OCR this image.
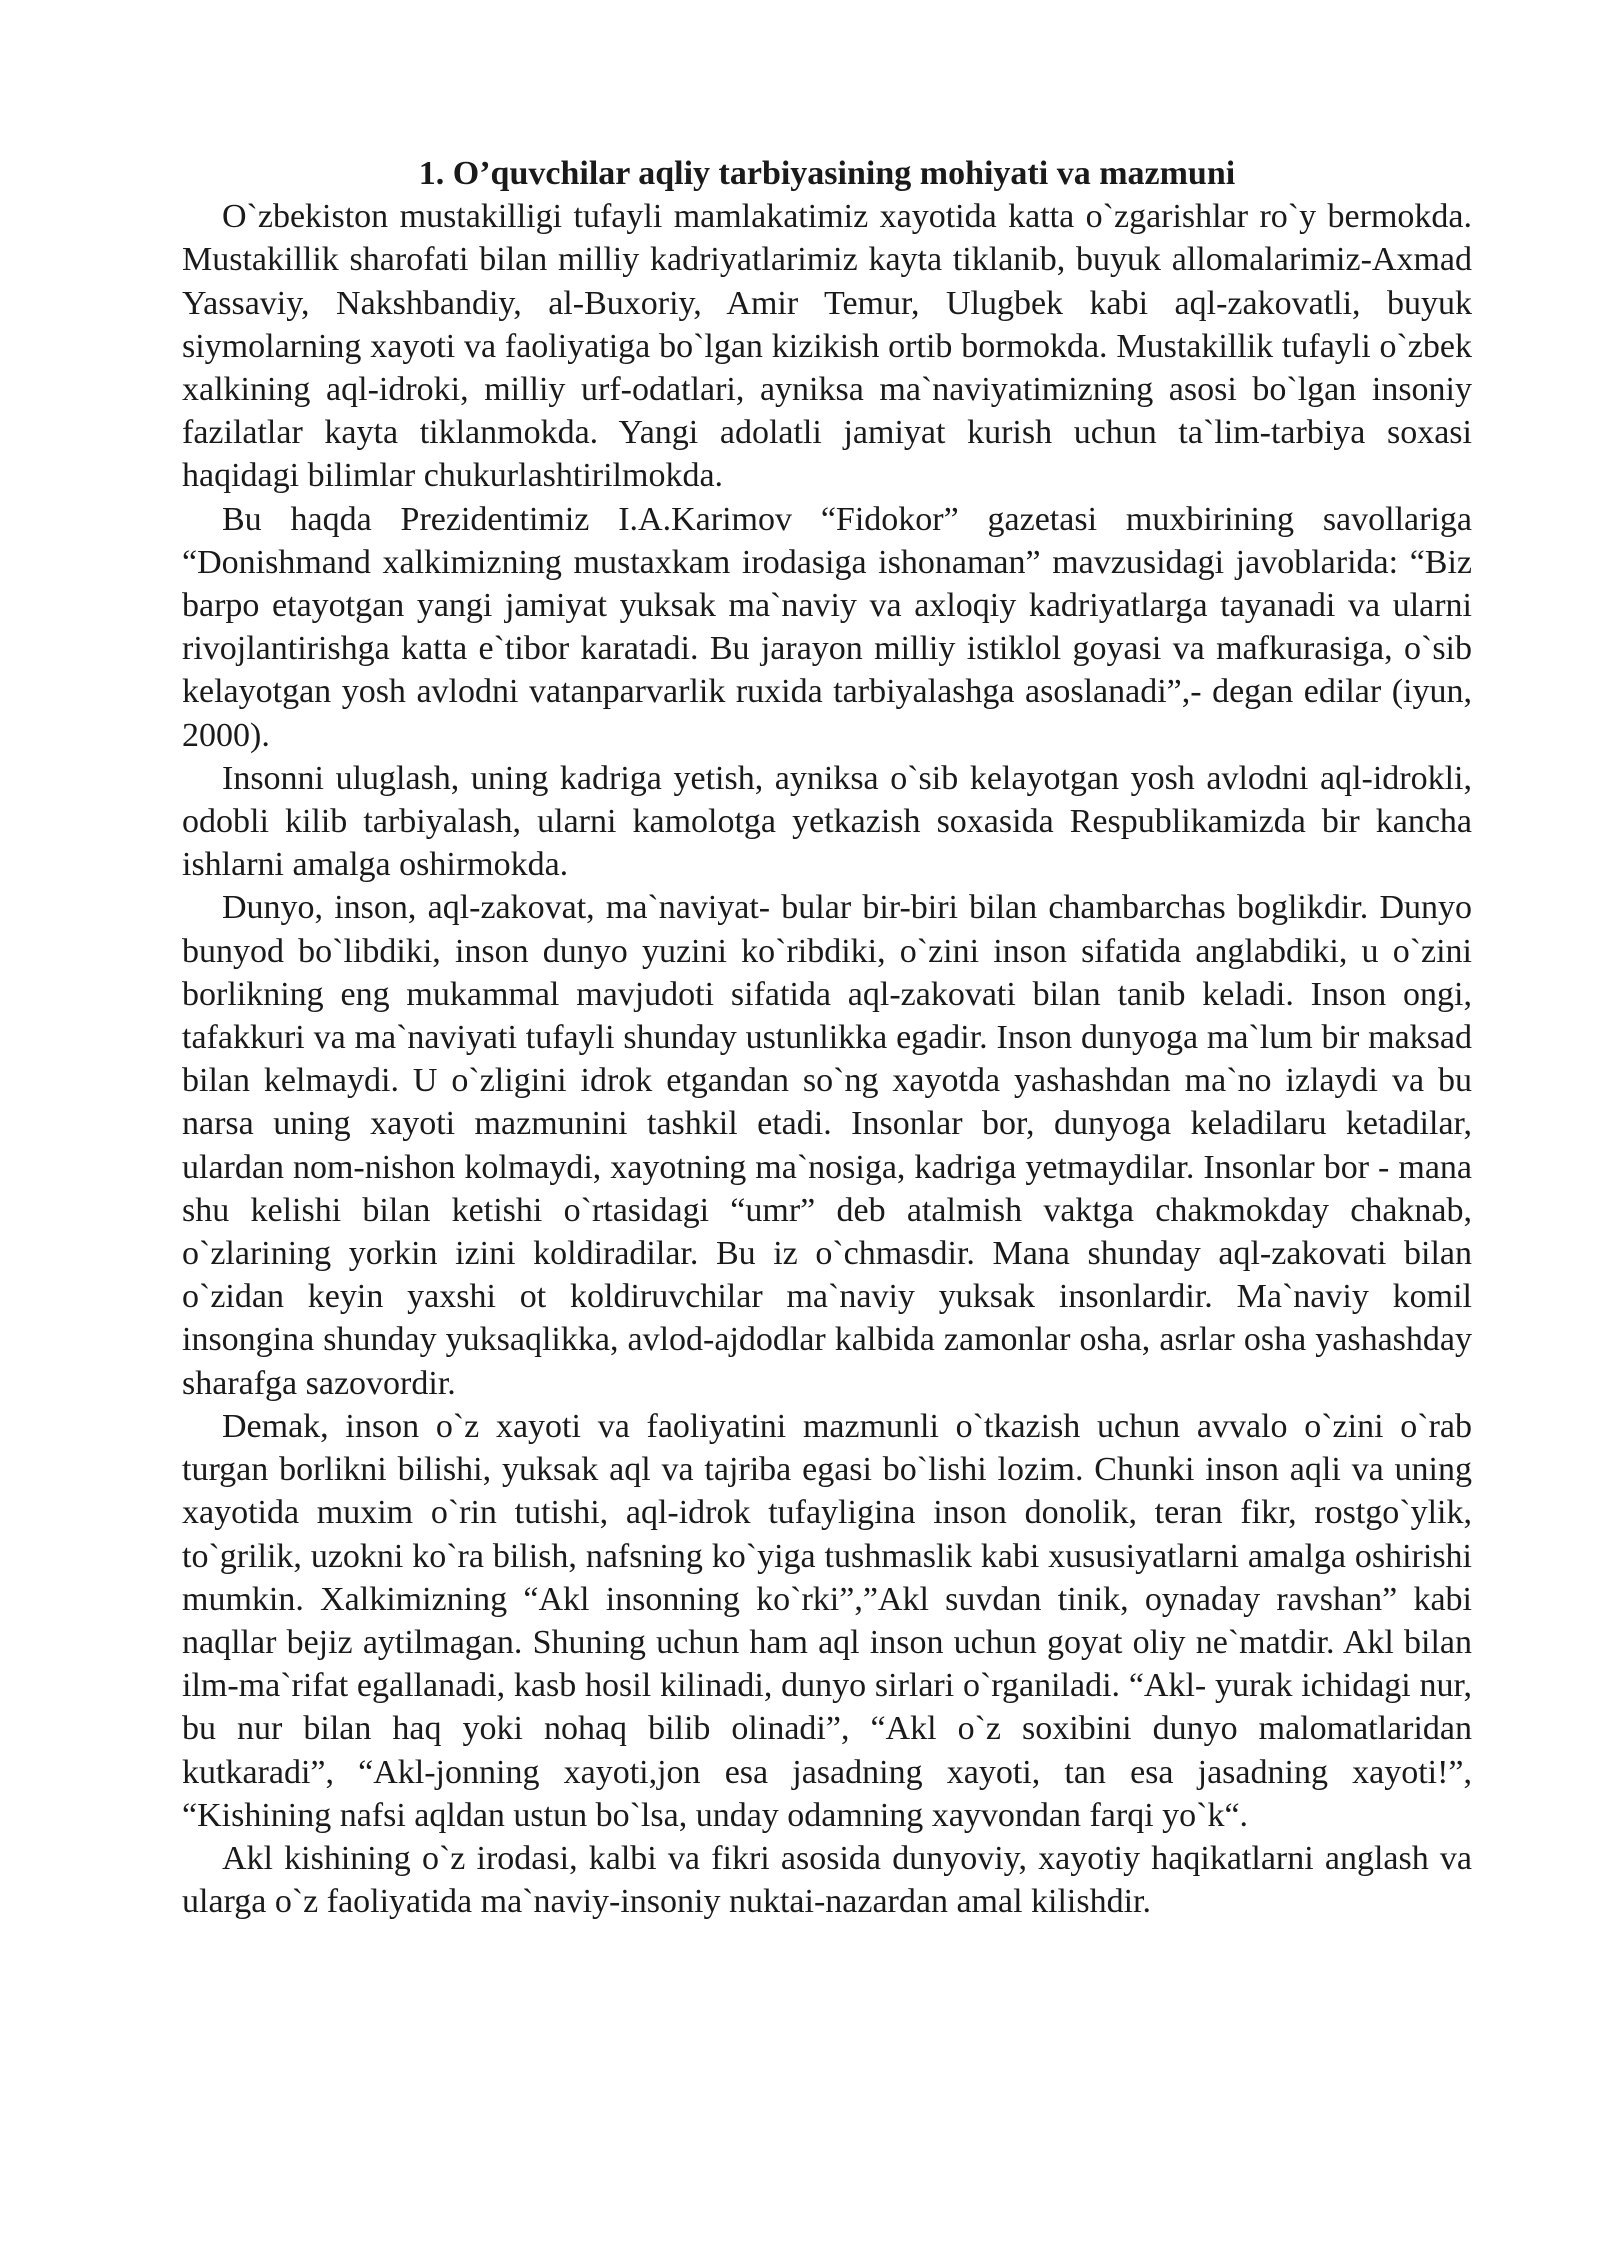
1. O’quvchilar aqliy tarbiyasining mohiyati va mazmuni

O`zbekiston mustakilligi tufayli mamlakatimiz xayotida katta o`zgarishlar ro`y bermokda. Mustakillik sharofati bilan milliy kadriyatlarimiz kayta tiklanib, buyuk allomalarimiz-Axmad Yassaviy, Nakshbandiy, al-Buxoriy, Amir Temur, Ulugbek kabi aql-zakovatli, buyuk siymolarning xayoti va faoliyatiga bo`lgan kizikish ortib bormokda. Mustakillik tufayli o`zbek xalkining aql-idroki, milliy urf-odatlari, ayniksa ma`naviyatimizning asosi bo`lgan insoniy fazilatlar kayta tiklanmokda. Yangi adolatli jamiyat kurish uchun ta`lim-tarbiya soxasi haqidagi bilimlar chukurlashtirilmokda.

Bu haqda Prezidentimiz I.A.Karimov “Fidokor” gazetasi muxbirining savollariga “Donishmand xalkimizning mustaxkam irodasiga ishonaman” mavzusidagi javoblarida: “Biz barpo etayotgan yangi jamiyat yuksak ma`naviy va axloqiy kadriyatlarga tayanadi va ularni rivojlantirishga katta e`tibor karatadi. Bu jarayon milliy istiklol goyasi va mafkurasiga, o`sib kelayotgan yosh avlodni vatanparvarlik ruxida tarbiyalashga asoslanadi”,- degan edilar (iyun, 2000).

Insonni uluglash, uning kadriga yetish, ayniksa o`sib kelayotgan yosh avlodni aql-idrokli, odobli kilib tarbiyalash, ularni kamolotga yetkazish soxasida Respublikamizda bir kancha ishlarni amalga oshirmokda.

Dunyo, inson, aql-zakovat, ma`naviyat- bular bir-biri bilan chambarchas boglikdir. Dunyo bunyod bo`libdiki, inson dunyo yuzini ko`ribdiki, o`zini inson sifatida anglabdiki, u o`zini borlikning eng mukammal mavjudoti sifatida aql-zakovati bilan tanib keladi. Inson ongi, tafakkuri va ma`naviyati tufayli shunday ustunlikka egadir. Inson dunyoga ma`lum bir maksad bilan kelmaydi. U o`zligini idrok etgandan so`ng xayotda yashashdan ma`no izlaydi va bu narsa uning xayoti mazmunini tashkil etadi. Insonlar bor, dunyoga keladilaru ketadilar, ulardan nom-nishon kolmaydi, xayotning ma`nosiga, kadriga yetmaydilar. Insonlar bor - mana shu kelishi bilan ketishi o`rtasidagi “umr” deb atalmish vaktga chakmokday chaknab, o`zlarining yorkin izini koldiradilar. Bu iz o`chmasdir. Mana shunday aql-zakovati bilan o`zidan keyin yaxshi ot koldiruvchilar ma`naviy yuksak insonlardir. Ma`naviy komil insongina shunday yuksaqlikka, avlod-ajdodlar kalbida zamonlar osha, asrlar osha yashashday sharafga sazovordir.

Demak, inson o`z xayoti va faoliyatini mazmunli o`tkazish uchun avvalo o`zini o`rab turgan borlikni bilishi, yuksak aql va tajriba egasi bo`lishi lozim. Chunki inson aqli va uning xayotida muxim o`rin tutishi, aql-idrok tufayligina inson donolik, teran fikr, rostgo`ylik, to`grilik, uzokni ko`ra bilish, nafsning ko`yiga tushmaslik kabi xususiyatlarni amalga oshirishi mumkin. Xalkimizning “Akl insonning ko`rki”,”Akl suvdan tinik, oynaday ravshan” kabi naqllar bejiz aytilmagan. Shuning uchun ham aql inson uchun goyat oliy ne`matdir. Akl bilan ilm-ma`rifat egallanadi, kasb hosil kilinadi, dunyo sirlari o`rganiladi. “Akl- yurak ichidagi nur, bu nur bilan haq yoki nohaq bilib olinadi”, “Akl o`z soxibini dunyo malomatlaridan kutkaradi”, “Akl-jonning xayoti,jon esa jasadning xayoti, tan esa jasadning xayoti!”, “Kishining nafsi aqldan ustun bo`lsa, unday odamning xayvondan farqi yo`k“.

Akl kishining o`z irodasi, kalbi va fikri asosida dunyoviy, xayotiy haqikatlarni anglash va ularga o`z faoliyatida ma`naviy-insoniy nuktai-nazardan amal kilishdir.
